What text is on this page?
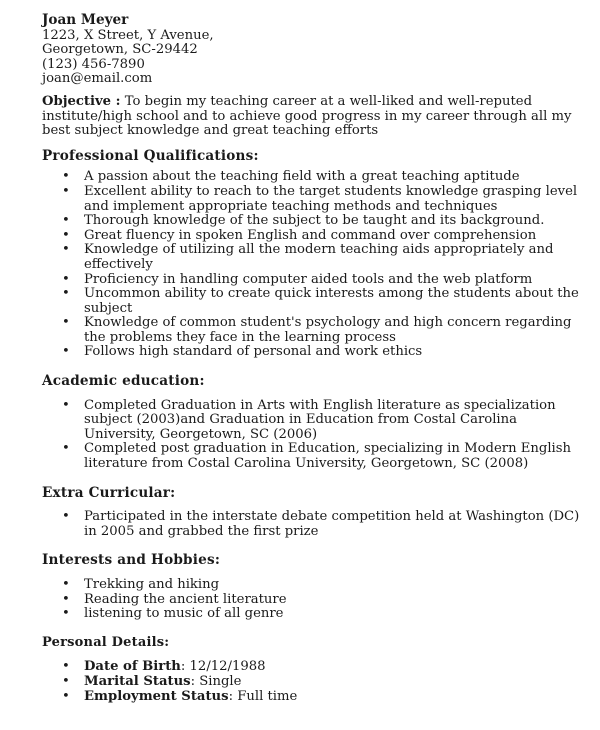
Joan Meyer
1223, X Street, Y Avenue,
Georgetown, SC-29442
(123) 456-7890
joan@email.com
Objective : To begin my teaching career at a well-liked and well-reputed institute/high school and to achieve good progress in my career through all my best subject knowledge and great teaching efforts
Professional Qualifications:
• A passion about the teaching field with a great teaching aptitude
• Excellent ability to reach to the target students knowledge grasping level and implement appropriate teaching methods and techniques
• Thorough knowledge of the subject to be taught and its background.
• Great fluency in spoken English and command over comprehension
• Knowledge of utilizing all the modern teaching aids appropriately and effectively
• Proficiency in handling computer aided tools and the web platform
• Uncommon ability to create quick interests among the students about the subject
• Knowledge of common student's psychology and high concern regarding the problems they face in the learning process
• Follows high standard of personal and work ethics
Academic education:
• Completed Graduation in Arts with English literature as specialization subject (2003)and Graduation in Education from Costal Carolina University, Georgetown, SC (2006)
• Completed post graduation in Education, specializing in Modern English literature from Costal Carolina University, Georgetown, SC (2008)
Extra Curricular:
• Participated in the interstate debate competition held at Washington (DC) in 2005 and grabbed the first prize
Interests and Hobbies:
• Trekking and hiking
• Reading the ancient literature
• listening to music of all genre
Personal Details:
• Date of Birth: 12/12/1988
• Marital Status: Single
• Employment Status: Full time
